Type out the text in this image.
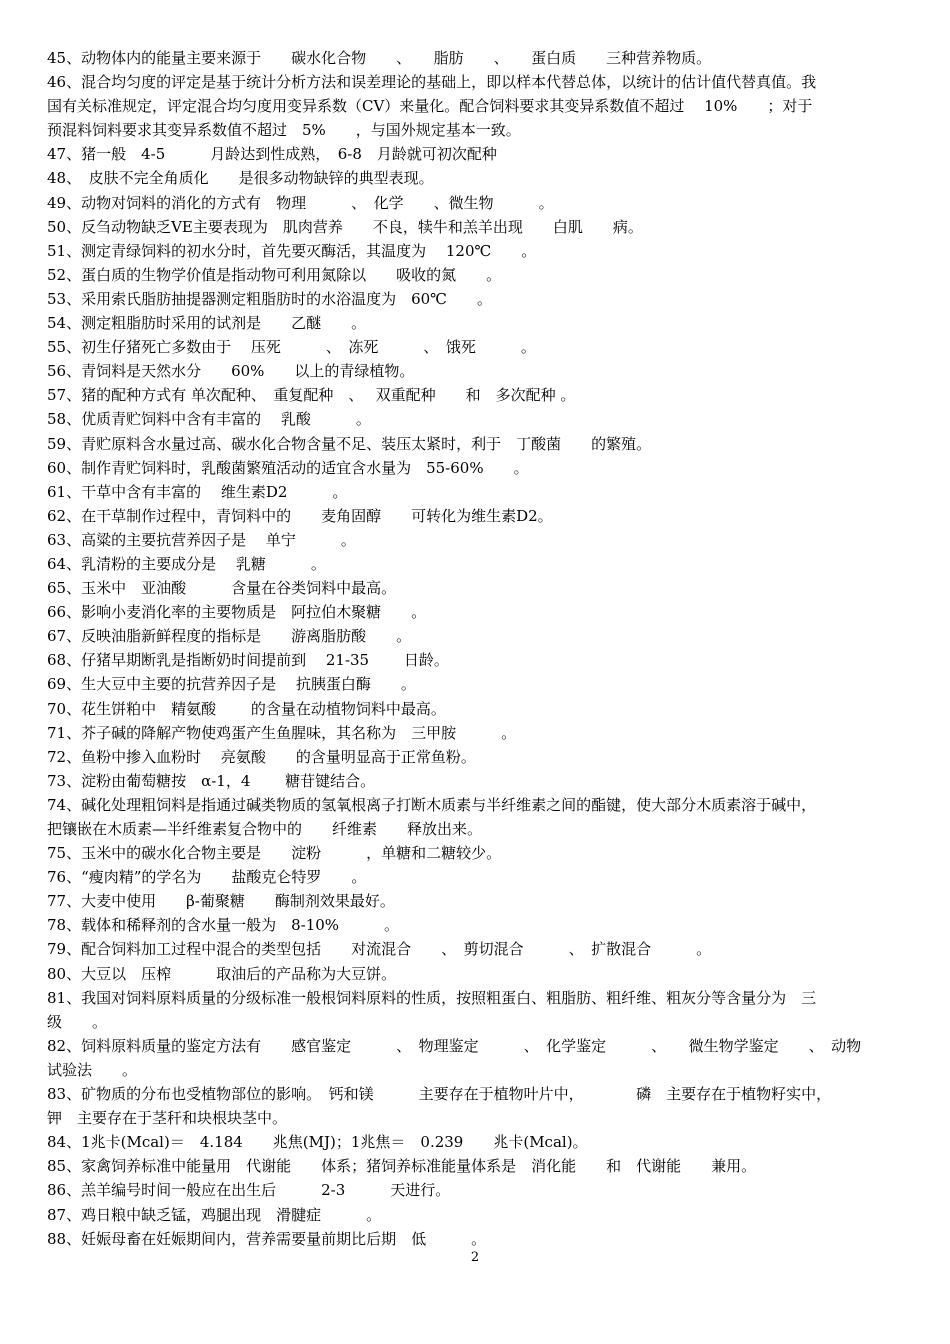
45、动物体内的能量主要来源于　　碳水化合物　　、　　脂肪　　、　　蛋白质　　三种营养物质。

46、混合均匀度的评定是基于统计分析方法和误差理论的基础上，即以样本代替总体，以统计的估计值代替真值。我

国有关标准规定，评定混合均匀度用变异系数（CV）来量化。配合饲料要求其变异系数值不超过　 10%　　；对于

预混料饲料要求其变异系数值不超过　5%　　，与国外规定基本一致。

47、猪一般　4-5　　　月龄达到性成熟，　6-8　月龄就可初次配种

48、　皮肤不完全角质化　　是很多动物缺锌的典型表现。

49、动物对饲料的消化的方式有　物理　　　、　化学　　、微生物　　　。

50、反刍动物缺乏VE主要表现为　肌肉营养　　不良，犊牛和羔羊出现　　白肌　　病。

51、测定青绿饲料的初水分时，首先要灭酶活，其温度为　 120℃　　。

52、蛋白质的生物学价值是指动物可利用氮除以　　吸收的氮　　。

53、采用索氏脂肪抽提器测定粗脂肪时的水浴温度为　60℃　　。

54、测定粗脂肪时采用的试剂是　　乙醚　　。

55、初生仔猪死亡多数由于　 压死　　　、　冻死　　　、　饿死　　　。

56、青饲料是天然水分　　60%　　以上的青绿植物。

57、猪的配种方式有 单次配种、　重复配种　、　 双重配种　　和　多次配种 。

58、优质青贮饲料中含有丰富的　 乳酸　　　。

59、青贮原料含水量过高、碳水化合物含量不足、装压太紧时，利于　丁酸菌　　的繁殖。

60、制作青贮饲料时，乳酸菌繁殖活动的适宜含水量为　55-60%　　。

61、干草中含有丰富的　 维生素D2　　　。

62、在干草制作过程中，青饲料中的　　麦角固醇　　可转化为维生素D2。

63、高粱的主要抗营养因子是　 单宁　　　。

64、乳清粉的主要成分是　 乳糖　　　。

65、玉米中　亚油酸　　　含量在谷类饲料中最高。

66、影响小麦消化率的主要物质是　阿拉伯木聚糖　　。

67、反映油脂新鲜程度的指标是　　游离脂肪酸　　。

68、仔猪早期断乳是指断奶时间提前到　 21-35　　 日龄。

69、生大豆中主要的抗营养因子是　 抗胰蛋白酶　　。

70、花生饼粕中　精氨酸　　 的含量在动植物饲料中最高。

71、芥子碱的降解产物使鸡蛋产生鱼腥味，其名称为　三甲胺　　　。

72、鱼粉中掺入血粉时　 亮氨酸　　的含量明显高于正常鱼粉。

73、淀粉由葡萄糖按　α-1，4　　 糖苷键结合。

74、碱化处理粗饲料是指通过碱类物质的氢氧根离子打断木质素与半纤维素之间的酯键，使大部分木质素溶于碱中，

把镶嵌在木质素—半纤维素复合物中的　　纤维素　　释放出来。

75、玉米中的碳水化合物主要是　　淀粉　　　，单糖和二糖较少。

76、“瘦肉精”的学名为　　盐酸克仑特罗　　。

77、大麦中使用　　β-葡聚糖　　酶制剂效果最好。

78、载体和稀释剂的含水量一般为　8-10%　　　。

79、配合饲料加工过程中混合的类型包括　　对流混合　　、　剪切混合　　　、　扩散混合　　　。

80、大豆以　压榨　　　取油后的产品称为大豆饼。

81、我国对饲料原料质量的分级标准一般根饲料原料的性质，按照粗蛋白、粗脂肪、粗纤维、粗灰分等含量分为　三

级　　。

82、饲料原料质量的鉴定方法有　　感官鉴定　　　、　物理鉴定　　　、　化学鉴定　　　、　　微生物学鉴定　　、　动物

试验法　　。

83、矿物质的分布也受植物部位的影响。　钙和镁　　　主要存在于植物叶片中，　　　　磷　主要存在于植物籽实中，

钾　主要存在于茎秆和块根块茎中。

84、1兆卡(Mcal)＝　4.184　　兆焦(MJ)；1兆焦＝　0.239　　兆卡(Mcal)。

85、家禽饲养标准中能量用　代谢能　　体系；猪饲养标准能量体系是　消化能　　和　代谢能　　兼用。

86、羔羊编号时间一般应在出生后　　　2-3　　　天进行。

87、鸡日粮中缺乏锰，鸡腿出现　滑腱症　　　。

88、妊娠母畜在妊娠期间内，营养需要量前期比后期　低　　　。

2
